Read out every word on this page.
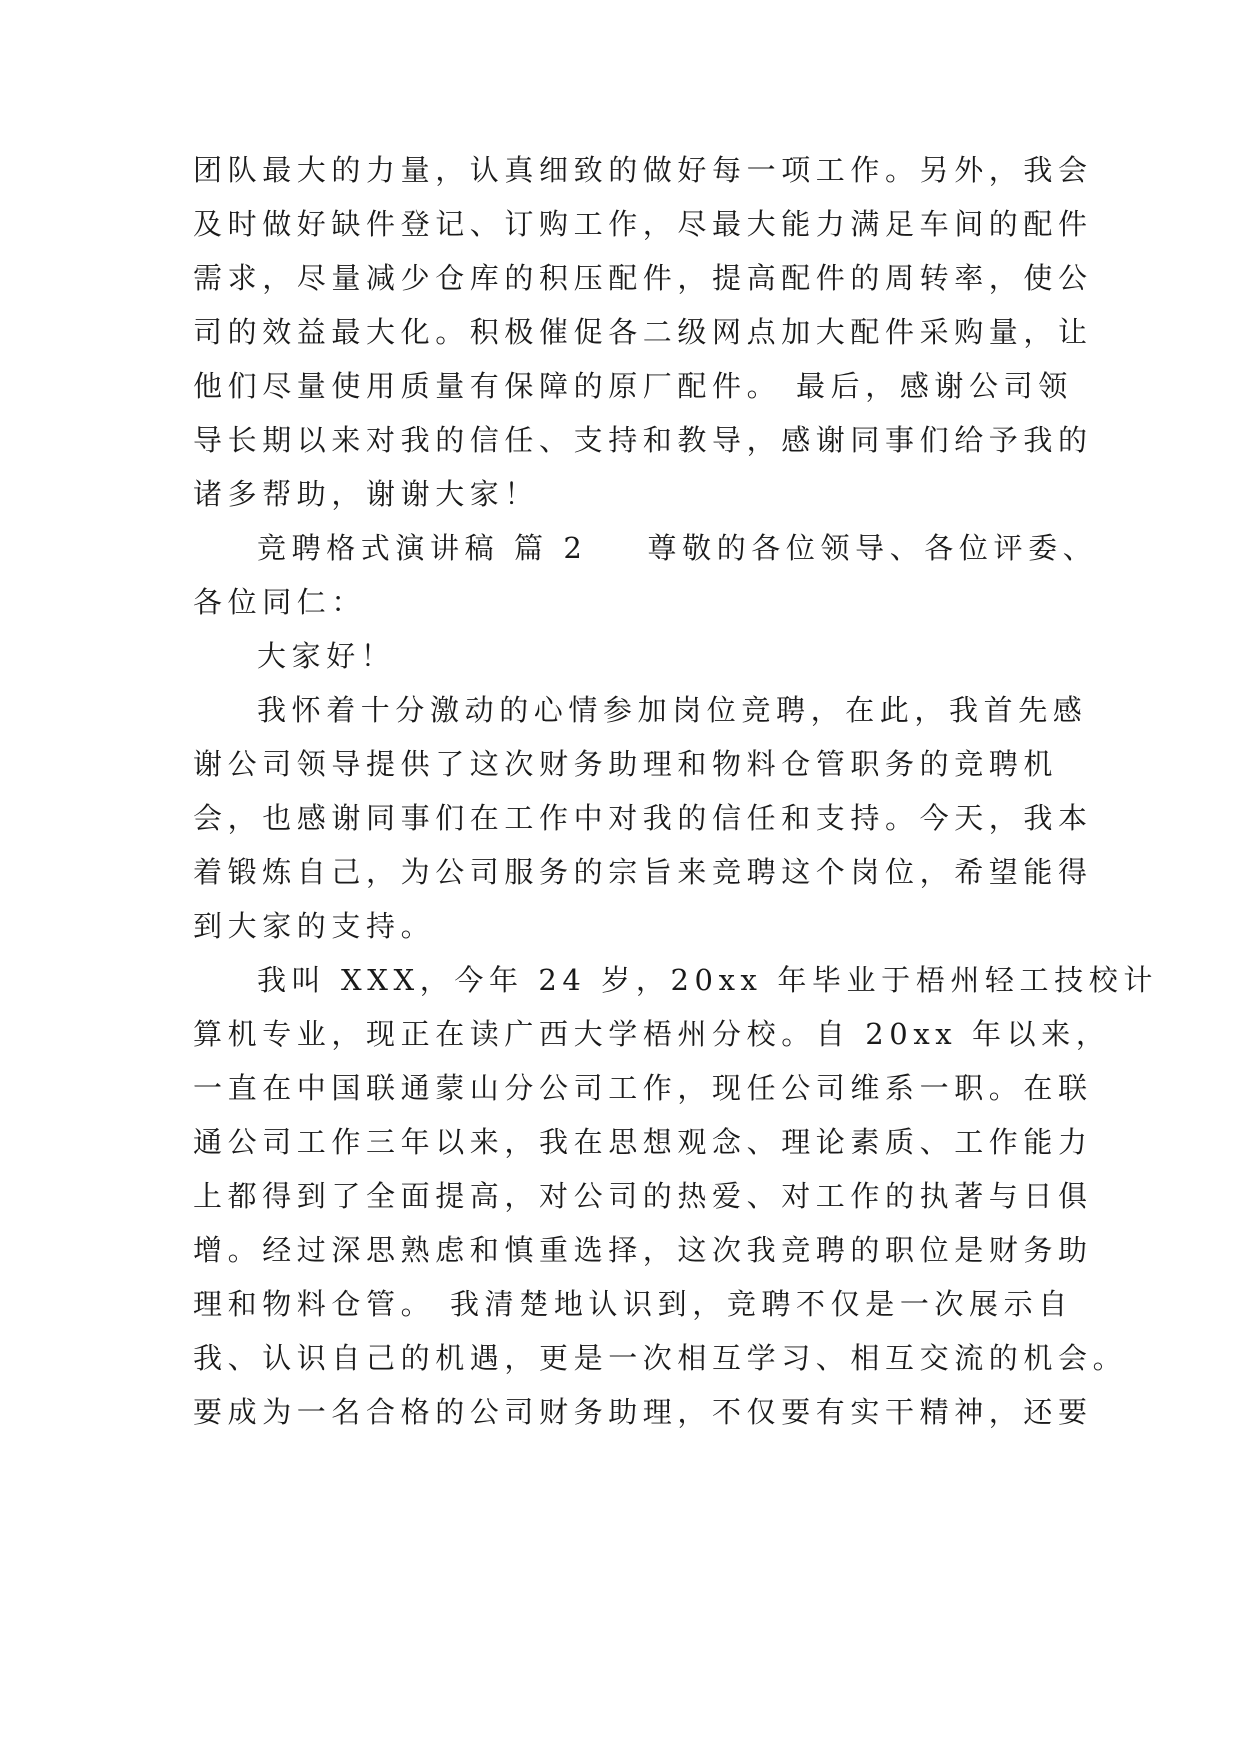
团队最大的力量，认真细致的做好每一项工作。另外，我会
及时做好缺件登记、订购工作，尽最大能力满足车间的配件
需求，尽量减少仓库的积压配件，提高配件的周转率，使公
司的效益最大化。积极催促各二级网点加大配件采购量，让
他们尽量使用质量有保障的原厂配件。 最后，感谢公司领
导长期以来对我的信任、支持和教导，感谢同事们给予我的
诸多帮助，谢谢大家！
竞聘格式演讲稿 篇 2 尊敬的各位领导、各位评委、
各位同仁：
大家好！
我怀着十分激动的心情参加岗位竞聘，在此，我首先感
谢公司领导提供了这次财务助理和物料仓管职务的竞聘机
会，也感谢同事们在工作中对我的信任和支持。今天，我本
着锻炼自己，为公司服务的宗旨来竞聘这个岗位，希望能得
到大家的支持。
我叫 XXX，今年 24 岁，20xx 年毕业于梧州轻工技校计
算机专业，现正在读广西大学梧州分校。自 20xx 年以来，
一直在中国联通蒙山分公司工作，现任公司维系一职。在联
通公司工作三年以来，我在思想观念、理论素质、工作能力
上都得到了全面提高，对公司的热爱、对工作的执著与日俱
增。经过深思熟虑和慎重选择，这次我竞聘的职位是财务助
理和物料仓管。 我清楚地认识到，竞聘不仅是一次展示自
我、认识自己的机遇，更是一次相互学习、相互交流的机会。
要成为一名合格的公司财务助理，不仅要有实干精神，还要
